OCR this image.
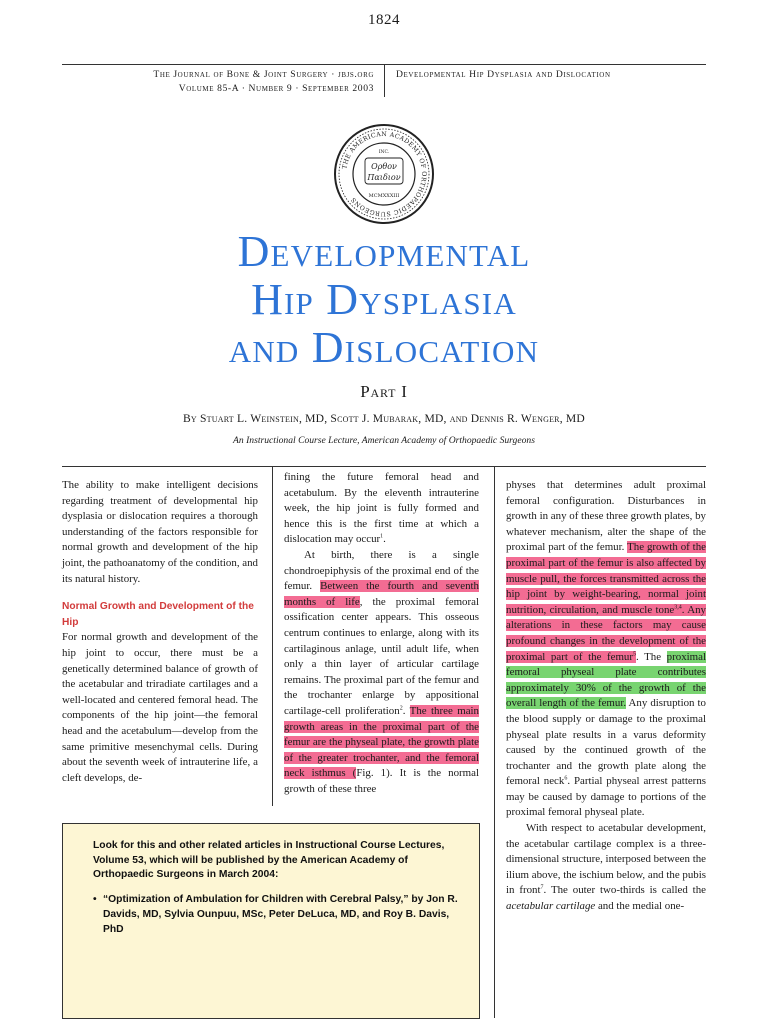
1824
The Journal of Bone & Joint Surgery · jbjs.org
Volume 85-A · Number 9 · September 2003
Developmental Hip Dysplasia and Dislocation
THE AMERICAN ACADEMY OF ORTHOPAEDIC SURGEONS
INC.
Ορθον
Παιδιον
MCMXXXIII
Developmental
Hip Dysplasia
and Dislocation
Part I
By Stuart L. Weinstein, MD, Scott J. Mubarak, MD, and Dennis R. Wenger, MD
An Instructional Course Lecture, American Academy of Orthopaedic Surgeons

The ability to make intelligent decisions regarding treatment of developmental hip dysplasia or dislocation requires a thorough understanding of the factors responsible for normal growth and development of the hip joint, the pathoanatomy of the condition, and its natural history.

Normal Growth and Development of the Hip

For normal growth and development of the hip joint to occur, there must be a genetically determined balance of growth of the acetabular and triradiate cartilages and a well-located and centered femoral head. The components of the hip joint—the femoral head and the acetabulum—develop from the same primitive mesenchymal cells. During about the seventh week of intrauterine life, a cleft develops, de-

fining the future femoral head and acetabulum. By the eleventh intrauterine week, the hip joint is fully formed and hence this is the first time at which a dislocation may occur$^1$.

At birth, there is a single chondroepiphysis of the proximal end of the femur. Between the fourth and seventh months of life, the proximal femoral ossification center appears. This osseous centrum continues to enlarge, along with its cartilaginous anlage, until adult life, when only a thin layer of articular cartilage remains. The proximal part of the femur and the trochanter enlarge by appositional cartilage-cell proliferation$^2$. The three main growth areas in the proximal part of the femur are the physeal plate, the growth plate of the greater trochanter, and the femoral neck isthmus (Fig. 1). It is the normal growth of these three

physes that determines adult proximal femoral configuration. Disturbances in growth in any of these three growth plates, by whatever mechanism, alter the shape of the proximal part of the femur. The growth of the proximal part of the femur is also affected by muscle pull, the forces transmitted across the hip joint by weight-bearing, normal joint nutrition, circulation, and muscle tone$^{3,4}$. Any alterations in these factors may cause profound changes in the development of the proximal part of the femur$^5$. The proximal femoral physeal plate contributes approximately 30% of the growth of the overall length of the femur. Any disruption to the blood supply or damage to the proximal physeal plate results in a varus deformity caused by the continued growth of the trochanter and the growth plate along the femoral neck$^6$. Partial physeal arrest patterns may be caused by damage to portions of the proximal femoral physeal plate.

With respect to acetabular development, the acetabular cartilage complex is a three-dimensional structure, interposed between the ilium above, the ischium below, and the pubis in front$^7$. The outer two-thirds is called the acetabular cartilage and the medial one-

Look for this and other related articles in Instructional Course Lectures, Volume 53, which will be published by the American Academy of Orthopaedic Surgeons in March 2004:

• “Optimization of Ambulation for Children with Cerebral Palsy,” by Jon R. Davids, MD, Sylvia Ounpuu, MSc, Peter DeLuca, MD, and Roy B. Davis, PhD
